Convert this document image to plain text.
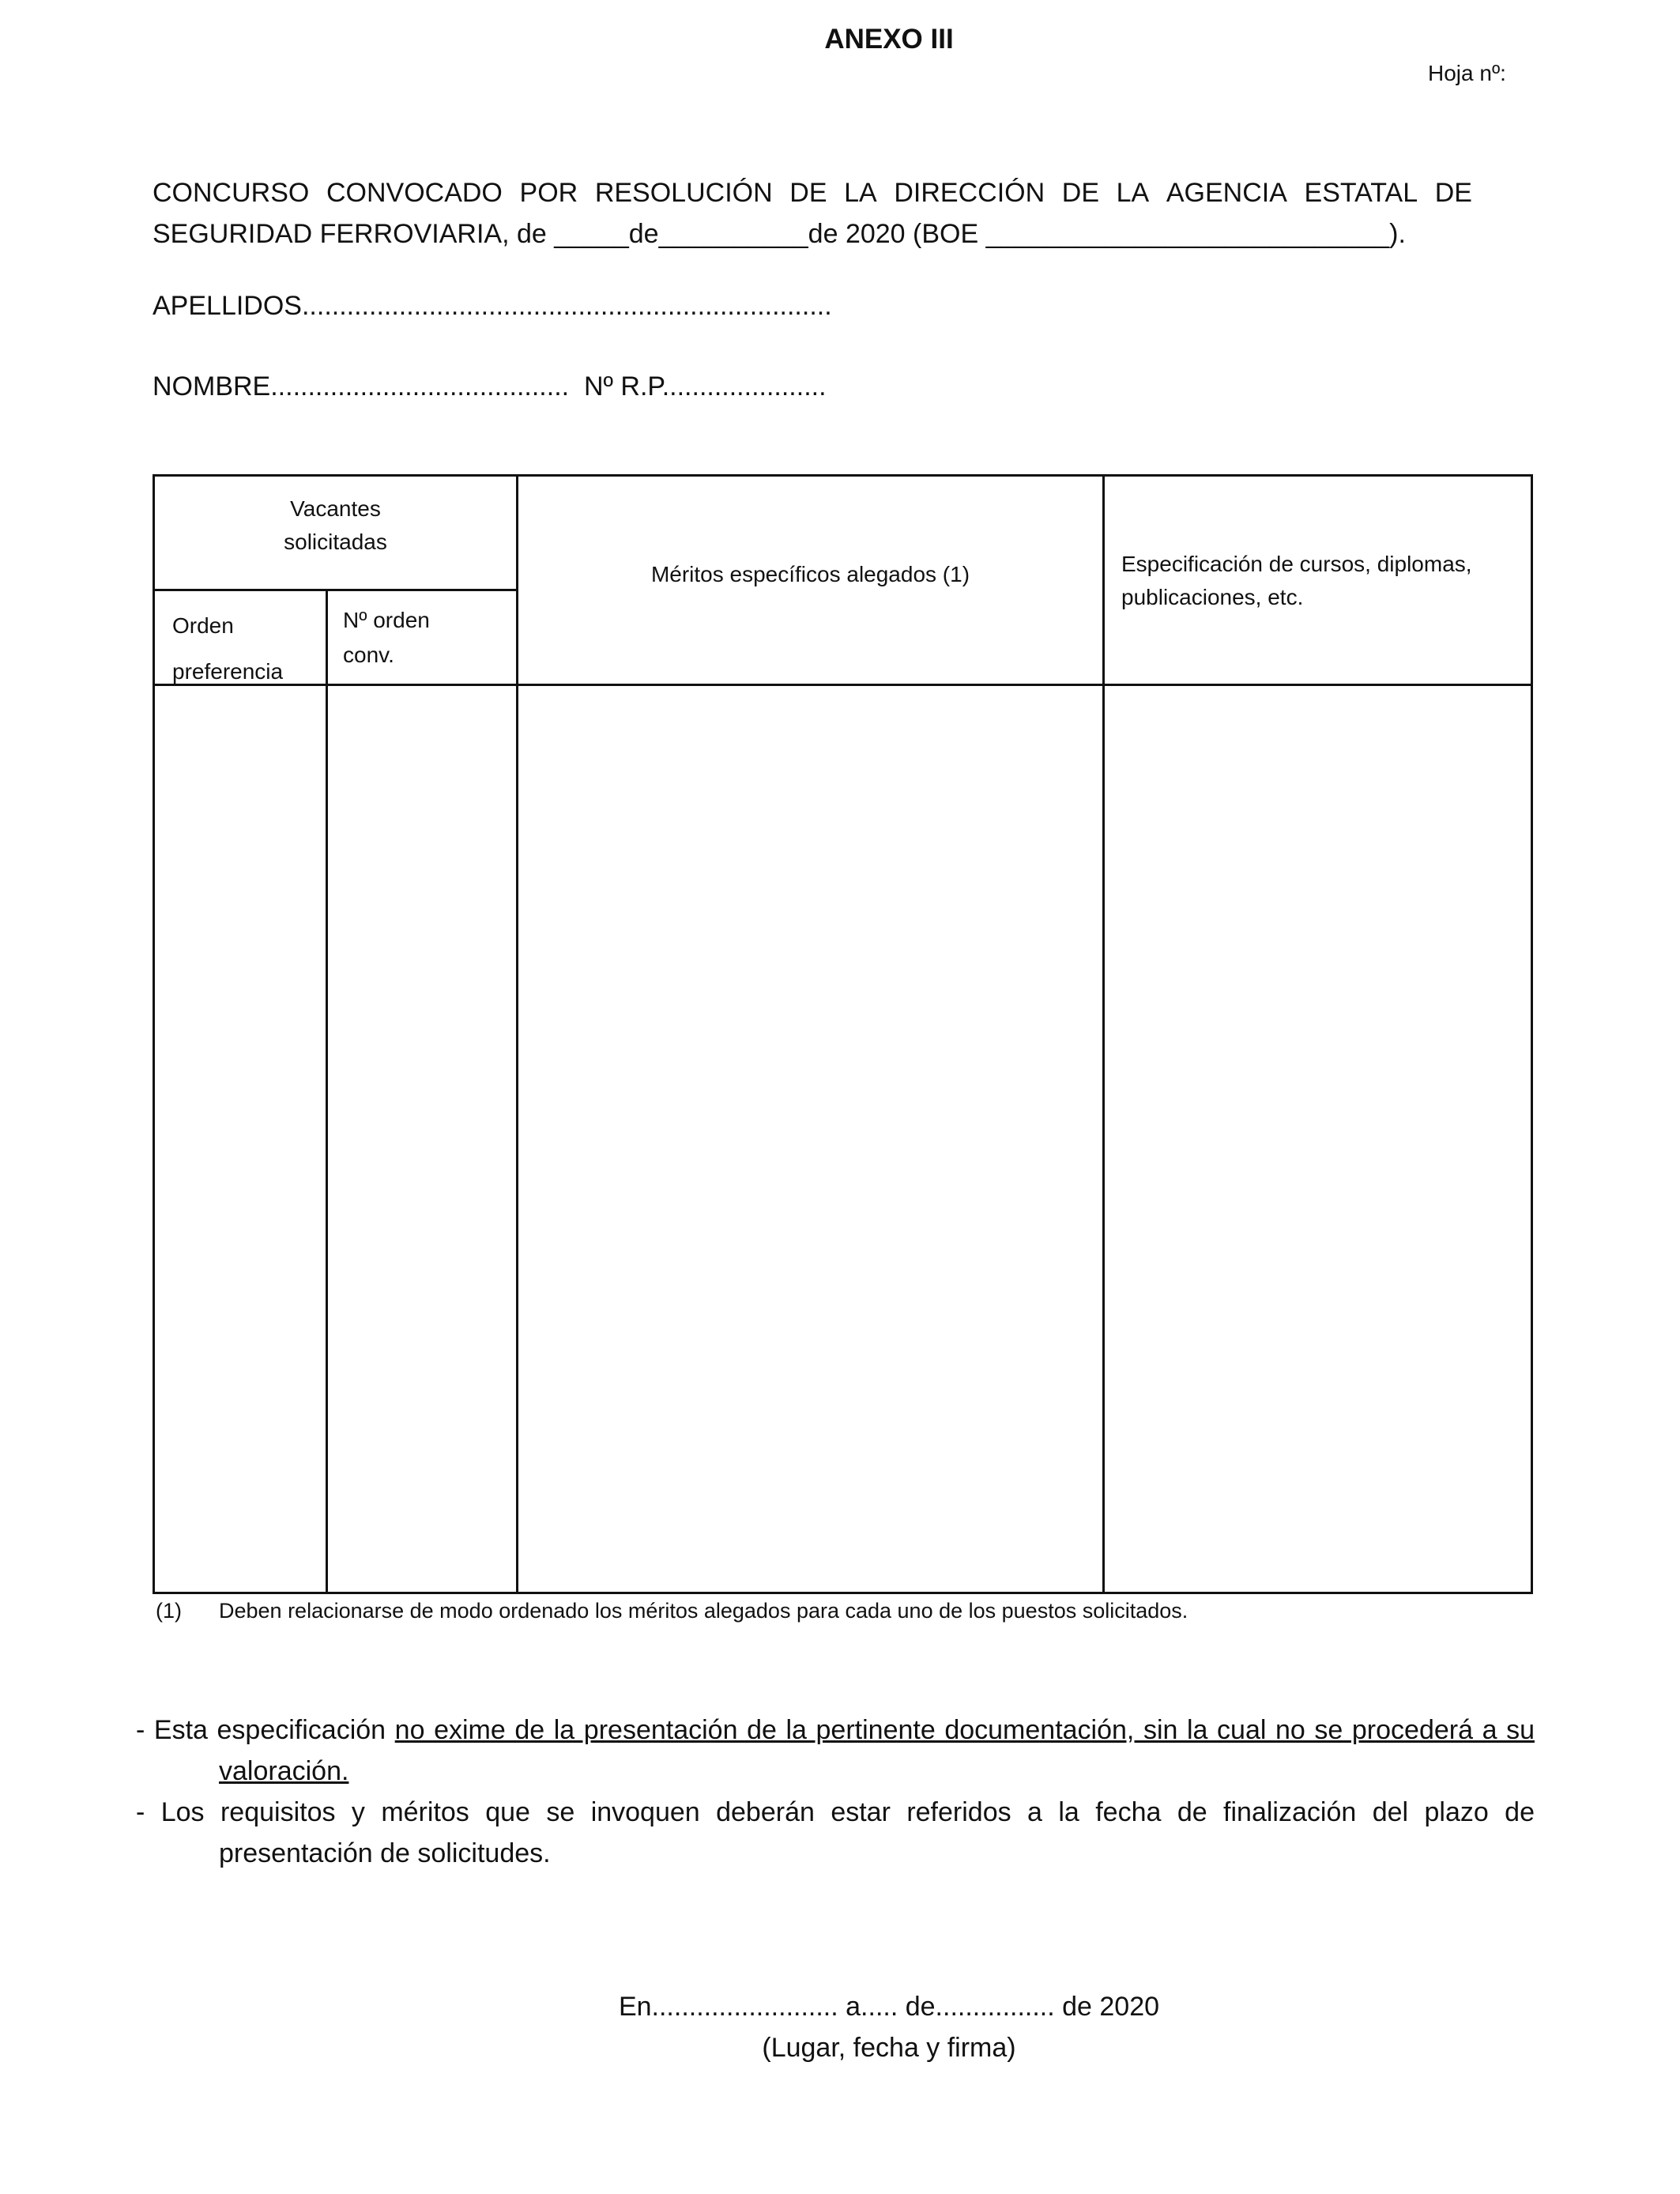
ANEXO III
Hoja nº:
CONCURSO CONVOCADO POR RESOLUCIÓN DE LA DIRECCIÓN DE LA AGENCIA ESTATAL DE
SEGURIDAD FERROVIARIA, de _____de__________de 2020 (BOE ___________________________).
APELLIDOS.......................................................................
NOMBRE........................................ Nº R.P......................
Vacantes
solicitadas
Orden
preferencia
Nº orden
conv.
Méritos específicos alegados (1)	Especificación de cursos, diplomas,
publicaciones, etc.
(1) Deben relacionarse de modo ordenado los méritos alegados para cada uno de los puestos solicitados.
- Esta especificación no exime de la presentación de la pertinente documentación, sin la cual no se procederá a su valoración.
- Los requisitos y méritos que se invoquen deberán estar referidos a la fecha de finalización del plazo de presentación de solicitudes.
En......................... a..... de................ de 2020
(Lugar, fecha y firma)
